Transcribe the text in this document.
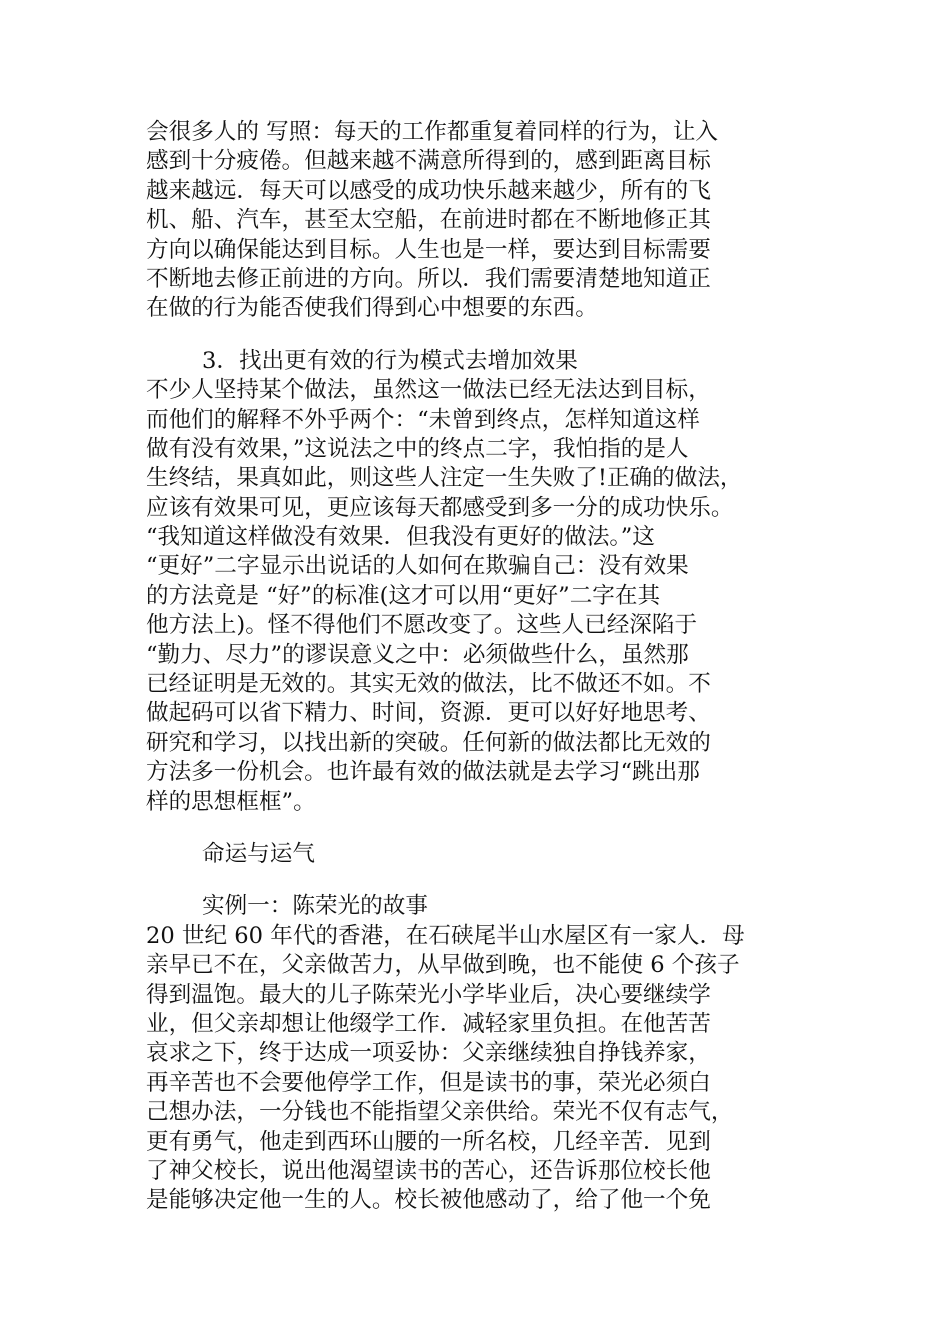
会很多人的 写照：每天的工作都重复着同样的行为，让入
感到十分疲倦。但越来越不满意所得到的，感到距离目标
越来越远．每天可以感受的成功快乐越来越少，所有的飞
机、船、汽车，甚至太空船，在前进时都在不断地修正其
方向以确保能达到目标。人生也是一样，要达到目标需要
不断地去修正前进的方向。所以．我们需要清楚地知道正
在做的行为能否使我们得到心中想要的东西。
3．找出更有效的行为模式去增加效果
不少人坚持某个做法，虽然这一做法已经无法达到目标，
而他们的解释不外乎两个：“未曾到终点，怎样知道这样
做有没有效果，”这说法之中的终点二字，我怕指的是人
生终结，果真如此，则这些人注定一生失败了!正确的做法，
应该有效果可见，更应该每天都感受到多一分的成功快乐。
“我知道这样做没有效果．但我没有更好的做法。”这
“更好”二字显示出说话的人如何在欺骗自己：没有效果
的方法竟是 “好”的标准(这才可以用“更好”二字在其
他方法上)。怪不得他们不愿改变了。这些人已经深陷于
“勤力、尽力”的谬误意义之中：必须做些什么，虽然那
已经证明是无效的。其实无效的做法，比不做还不如。不
做起码可以省下精力、时间，资源．更可以好好地思考、
研究和学习，以找出新的突破。任何新的做法都比无效的
方法多一份机会。也许最有效的做法就是去学习“跳出那
样的思想框框”。
命运与运气
实例一：陈荣光的故事
20 世纪 60 年代的香港，在石硖尾半山水屋区有一家人．母
亲早已不在，父亲做苦力，从早做到晚，也不能使 6 个孩子
得到温饱。最大的儿子陈荣光小学毕业后，决心要继续学
业，但父亲却想让他缀学工作．减轻家里负担。在他苦苦
哀求之下，终于达成一项妥协：父亲继续独自挣钱养家，
再辛苦也不会要他停学工作，但是读书的事，荣光必须白
己想办法，一分钱也不能指望父亲供给。荣光不仅有志气，
更有勇气，他走到西环山腰的一所名校，几经辛苦．见到
了神父校长，说出他渴望读书的苦心，还告诉那位校长他
是能够决定他一生的人。校长被他感动了，给了他一个免
